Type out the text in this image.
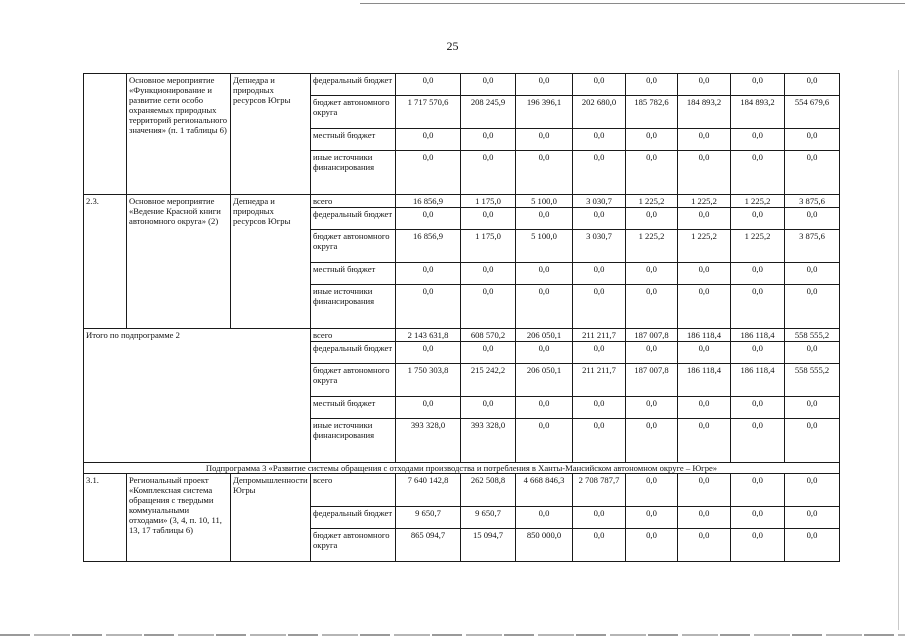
25
	Основное мероприятие «Функционирование и развитие сети особо охраняемых природных территорий регионального значения» (п. 1 таблицы 6)	Депнедра и природных ресурсов Югры	федеральный бюджет	0,0	0,0	0,0	0,0	0,0	0,0	0,0	0,0
			бюджет автономного округа	1 717 570,6	208 245,9	196 396,1	202 680,0	185 782,6	184 893,2	184 893,2	554 679,6
			местный бюджет	0,0	0,0	0,0	0,0	0,0	0,0	0,0	0,0
			иные источники финансирования	0,0	0,0	0,0	0,0	0,0	0,0	0,0	0,0
2.3.	Основное мероприятие «Ведение Красной книги автономного округа» (2)	Депнедра и природных ресурсов Югры	всего	16 856,9	1 175,0	5 100,0	3 030,7	1 225,2	1 225,2	1 225,2	3 875,6
			федеральный бюджет	0,0	0,0	0,0	0,0	0,0	0,0	0,0	0,0
			бюджет автономного округа	16 856,9	1 175,0	5 100,0	3 030,7	1 225,2	1 225,2	1 225,2	3 875,6
			местный бюджет	0,0	0,0	0,0	0,0	0,0	0,0	0,0	0,0
			иные источники финансирования	0,0	0,0	0,0	0,0	0,0	0,0	0,0	0,0
Итого по подпрограмме 2			всего	2 143 631,8	608 570,2	206 050,1	211 211,7	187 007,8	186 118,4	186 118,4	558 555,2
			федеральный бюджет	0,0	0,0	0,0	0,0	0,0	0,0	0,0	0,0
			бюджет автономного округа	1 750 303,8	215 242,2	206 050,1	211 211,7	187 007,8	186 118,4	186 118,4	558 555,2
			местный бюджет	0,0	0,0	0,0	0,0	0,0	0,0	0,0	0,0
			иные источники финансирования	393 328,0	393 328,0	0,0	0,0	0,0	0,0	0,0	0,0
Подпрограмма 3 «Развитие системы обращения с отходами производства и потребления в Ханты-Мансийском автономном округе – Югре»											
3.1.	Региональный проект «Комплексная система обращения с твердыми коммунальными отходами» (3, 4, п. 10, 11, 13, 17 таблицы 6)	Депромышленности Югры	всего	7 640 142,8	262 508,8	4 668 846,3	2 708 787,7	0,0	0,0	0,0	0,0
			федеральный бюджет	9 650,7	9 650,7	0,0	0,0	0,0	0,0	0,0	0,0
			бюджет автономного округа	865 094,7	15 094,7	850 000,0	0,0	0,0	0,0	0,0	0,0
